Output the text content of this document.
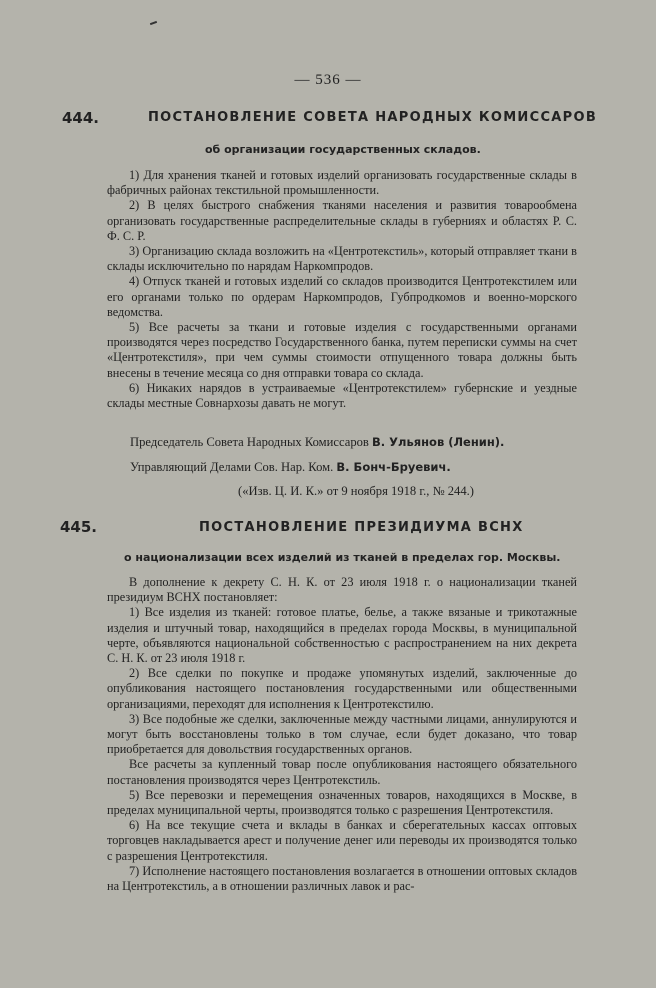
— 536 —
444.	ПОСТАНОВЛЕНИЕ СОВЕТА НАРОДНЫХ КОМИССАРОВ
об организации государственных складов.

1) Для хранения тканей и готовых изделий организовать государственные склады в фабричных районах текстильной промышленности.

2) В целях быстрого снабжения тканями населения и развития товарообмена организовать государственные распределительные склады в губерниях и областях Р. С. Ф. С. Р.

3) Организацию склада возложить на «Центротекстиль», который отправляет ткани в склады исключительно по нарядам Наркомпродов.

4) Отпуск тканей и готовых изделий со складов производится Центротекстилем или его органами только по ордерам Наркомпродов, Губпродкомов и военно-морского ведомства.

5) Все расчеты за ткани и готовые изделия с государственными органами производятся через посредство Государственного банка, путем переписки суммы на счет «Центротекстиля», при чем суммы стоимости отпущенного товара должны быть внесены в течение месяца со дня отправки товара со склада.

6) Никаких нарядов в устраиваемые «Центротекстилем» губернские и уездные склады местные Совнархозы давать не могут.

Председатель Совета Народных Комиссаров В. Ульянов (Ленин).
Управляющий Делами Сов. Нар. Ком. В. Бонч-Бруевич.
(«Изв. Ц. И. К.» от 9 ноября 1918 г., № 244.)
445.	ПОСТАНОВЛЕНИЕ ПРЕЗИДИУМА ВСНХ
о национализации всех изделий из тканей в пределах гор. Москвы.

В дополнение к декрету С. Н. К. от 23 июля 1918 г. о национализации тканей президиум ВСНХ постановляет:

1) Все изделия из тканей: готовое платье, белье, а также вязаные и трикотажные изделия и штучный товар, находящийся в пределах города Москвы, в муниципальной черте, объявляются национальной собственностью с распространением на них декрета С. Н. К. от 23 июля 1918 г.

2) Все сделки по покупке и продаже упомянутых изделий, заключенные до опубликования настоящего постановления государственными или общественными организациями, переходят для исполнения к Центротекстилю.

3) Все подобные же сделки, заключенные между частными лицами, аннулируются и могут быть восстановлены только в том случае, если будет доказано, что товар приобретается для довольствия государственных органов.

Все расчеты за купленный товар после опубликования настоящего обязательного постановления производятся через Центротекстиль.

5) Все перевозки и перемещения означенных товаров, находящихся в Москве, в пределах муниципальной черты, производятся только с разрешения Центротекстиля.

6) На все текущие счета и вклады в банках и сберегательных кассах оптовых торговцев накладывается арест и получение денег или переводы их производятся только с разрешения Центротекстиля.

7) Исполнение настоящего постановления возлагается в отношении оптовых складов на Центротекстиль, а в отношении различных лавок и рас-
